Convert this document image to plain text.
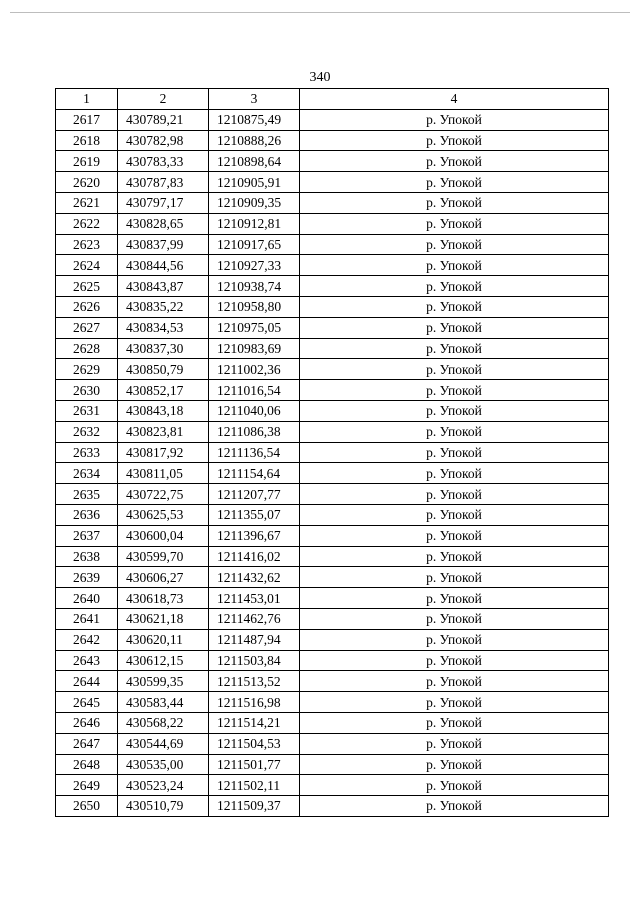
340
1	2	3	4
2617	430789,21	1210875,49	р. Упокой
2618	430782,98	1210888,26	р. Упокой
2619	430783,33	1210898,64	р. Упокой
2620	430787,83	1210905,91	р. Упокой
2621	430797,17	1210909,35	р. Упокой
2622	430828,65	1210912,81	р. Упокой
2623	430837,99	1210917,65	р. Упокой
2624	430844,56	1210927,33	р. Упокой
2625	430843,87	1210938,74	р. Упокой
2626	430835,22	1210958,80	р. Упокой
2627	430834,53	1210975,05	р. Упокой
2628	430837,30	1210983,69	р. Упокой
2629	430850,79	1211002,36	р. Упокой
2630	430852,17	1211016,54	р. Упокой
2631	430843,18	1211040,06	р. Упокой
2632	430823,81	1211086,38	р. Упокой
2633	430817,92	1211136,54	р. Упокой
2634	430811,05	1211154,64	р. Упокой
2635	430722,75	1211207,77	р. Упокой
2636	430625,53	1211355,07	р. Упокой
2637	430600,04	1211396,67	р. Упокой
2638	430599,70	1211416,02	р. Упокой
2639	430606,27	1211432,62	р. Упокой
2640	430618,73	1211453,01	р. Упокой
2641	430621,18	1211462,76	р. Упокой
2642	430620,11	1211487,94	р. Упокой
2643	430612,15	1211503,84	р. Упокой
2644	430599,35	1211513,52	р. Упокой
2645	430583,44	1211516,98	р. Упокой
2646	430568,22	1211514,21	р. Упокой
2647	430544,69	1211504,53	р. Упокой
2648	430535,00	1211501,77	р. Упокой
2649	430523,24	1211502,11	р. Упокой
2650	430510,79	1211509,37	р. Упокой
